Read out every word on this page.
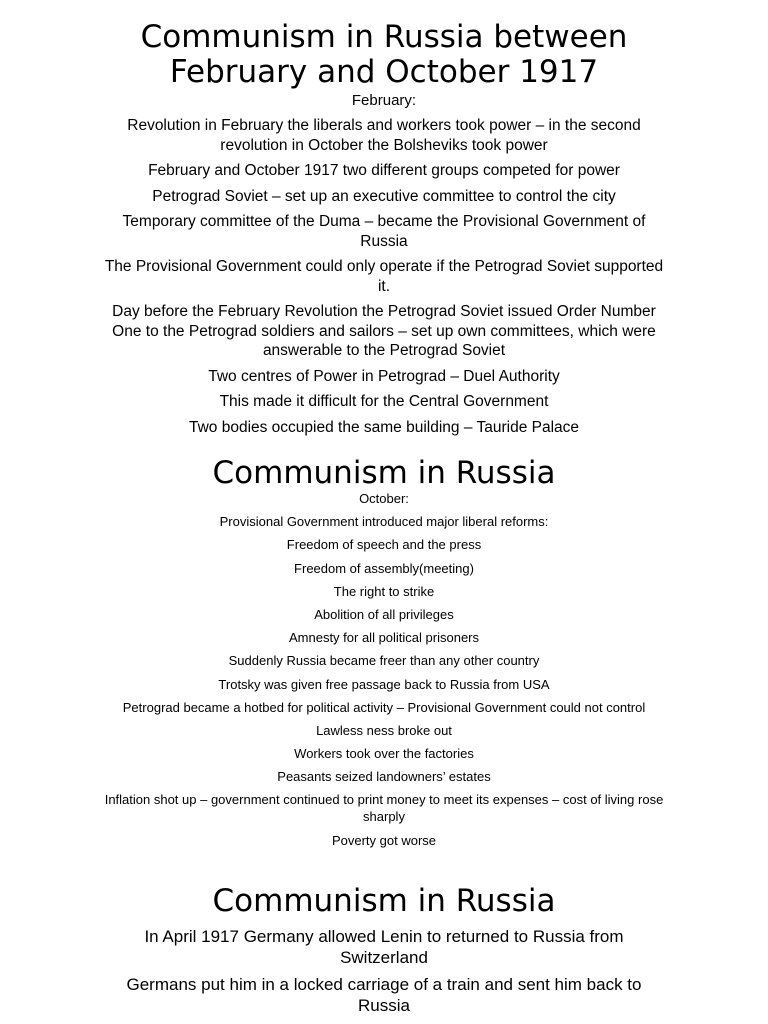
Communism in Russia between February and October 1917

February:

Revolution in February the liberals and workers took power – in the second revolution in October the Bolsheviks took power

February and October 1917 two different groups competed for power

Petrograd Soviet – set up an executive committee to control the city

Temporary committee of the Duma – became the Provisional Government of Russia

The Provisional Government could only operate if the Petrograd Soviet supported it.

Day before the February Revolution the Petrograd Soviet issued Order Number One to the Petrograd soldiers and sailors – set up own committees, which were answerable to the Petrograd Soviet

Two centres of Power in Petrograd – Duel Authority

This made it difficult for the Central Government

Two bodies occupied the same building – Tauride Palace

Communism in Russia

October:

Provisional Government introduced major liberal reforms:

Freedom of speech and the press

Freedom of assembly(meeting)

The right to strike

Abolition of all privileges

Amnesty for all political prisoners

Suddenly Russia became freer than any other country

Trotsky was given free passage back to Russia from USA

Petrograd became a hotbed for political activity – Provisional Government could not control

Lawless ness broke out

Workers took over the factories

Peasants seized landowners’ estates

Inflation shot up – government continued to print money to meet its expenses – cost of living rose sharply

Poverty got worse

Communism in Russia

In April 1917 Germany allowed Lenin to returned to Russia from Switzerland

Germans put him in a locked carriage of a train and sent him back to Russia
